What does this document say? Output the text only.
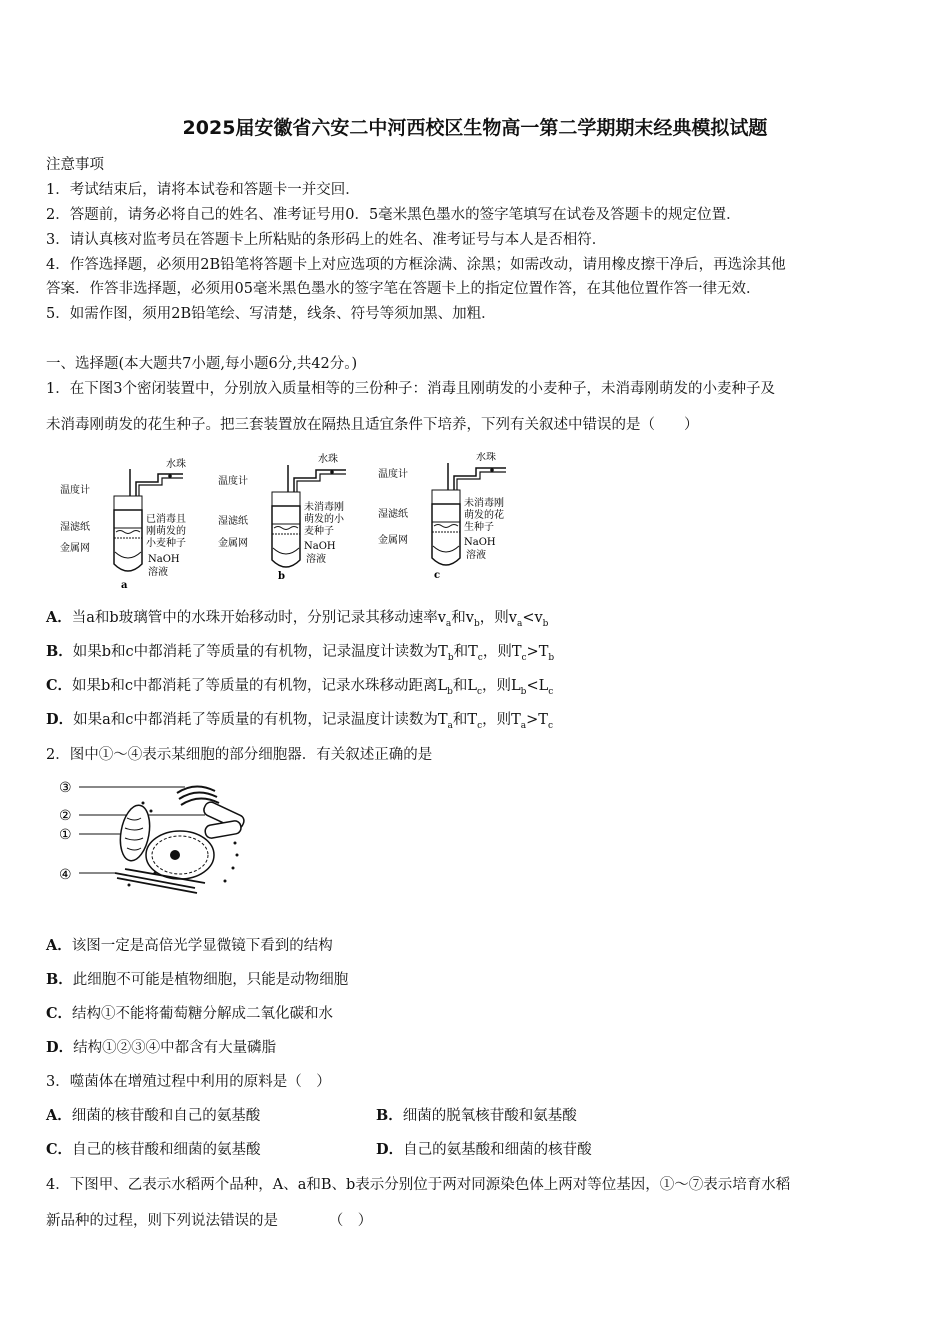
2025届安徽省六安二中河西校区生物高一第二学期期末经典模拟试题
注意事项
1．考试结束后，请将本试卷和答题卡一并交回．
2．答题前，请务必将自己的姓名、准考证号用0．5毫米黑色墨水的签字笔填写在试卷及答题卡的规定位置．
3．请认真核对监考员在答题卡上所粘贴的条形码上的姓名、准考证号与本人是否相符．
4．作答选择题，必须用2B铅笔将答题卡上对应选项的方框涂满、涂黑；如需改动，请用橡皮擦干净后，再选涂其他
答案．作答非选择题，必须用05毫米黑色墨水的签字笔在答题卡上的指定位置作答，在其他位置作答一律无效．
5．如需作图，须用2B铅笔绘、写清楚，线条、符号等须加黑、加粗．
一、选择题(本大题共7小题,每小题6分,共42分。)
1．在下图3个密闭装置中，分别放入质量相等的三份种子：消毒且刚萌发的小麦种子，未消毒刚萌发的小麦种子及
未消毒刚萌发的花生种子。把三套装置放在隔热且适宜条件下培养，下列有关叙述中错误的是（　　）
温度计
水珠
湿滤纸
金属网
已消毒且
刚萌发的
小麦种子
NaOH
溶液
a
温度计
水珠
湿滤纸
金属网
未消毒刚
萌发的小
麦种子
NaOH
溶液
b
温度计
水珠
湿滤纸
金属网
未消毒刚
萌发的花
生种子
NaOH
溶液
c
A．当a和b玻璃管中的水珠开始移动时，分别记录其移动速率$v_a$和$v_b$，则$v_a<v_b$
B．如果b和c中都消耗了等质量的有机物，记录温度计读数为$T_b$和$T_c$，则$T_c>T_b$
C．如果b和c中都消耗了等质量的有机物，记录水珠移动距离$L_b$和$L_c$，则$L_b<L_c$
D．如果a和c中都消耗了等质量的有机物，记录温度计读数为$T_a$和$T_c$，则$T_a>T_c$
2．图中①～④表示某细胞的部分细胞器．有关叙述正确的是
③
②
①
④
A．该图一定是高倍光学显微镜下看到的结构
B．此细胞不可能是植物细胞，只能是动物细胞
C．结构①不能将葡萄糖分解成二氧化碳和水
D．结构①②③④中都含有大量磷脂
3．噬菌体在增殖过程中利用的原料是（　）
A．细菌的核苷酸和自己的氨基酸	B．细菌的脱氧核苷酸和氨基酸
C．自己的核苷酸和细菌的氨基酸	D．自己的氨基酸和细菌的核苷酸
4．下图甲、乙表示水稻两个品种，A、a和B、b表示分别位于两对同源染色体上两对等位基因，①～⑦表示培育水稻
新品种的过程，则下列说法错误的是　　　　（　）
